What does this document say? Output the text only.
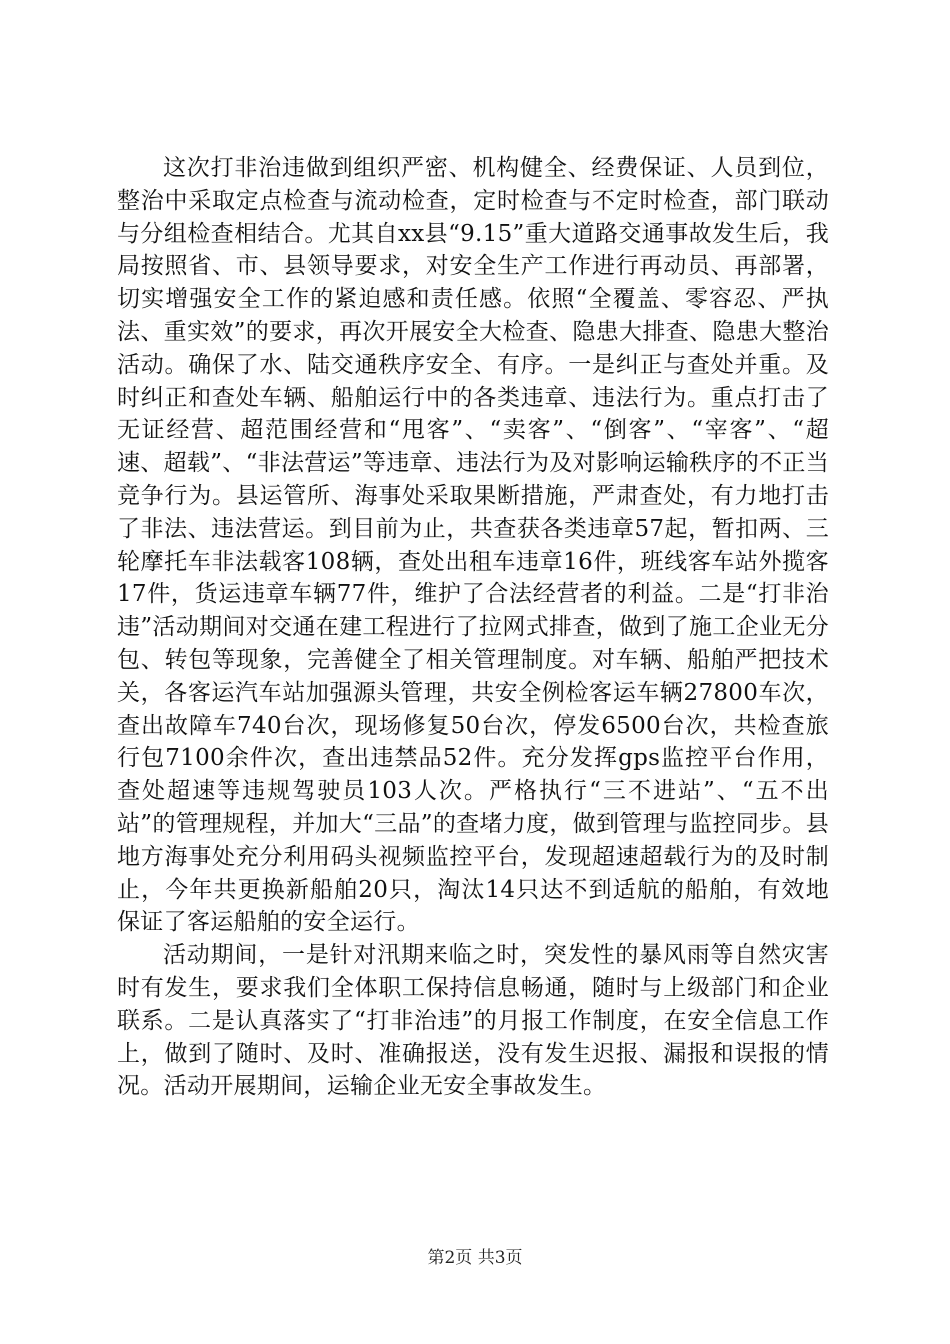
这次打非治违做到组织严密、机构健全、经费保证、人员到位，整治中采取定点检查与流动检查，定时检查与不定时检查，部门联动与分组检查相结合。尤其自xx县“9.15”重大道路交通事故发生后，我局按照省、市、县领导要求，对安全生产工作进行再动员、再部署，切实增强安全工作的紧迫感和责任感。依照“全覆盖、零容忍、严执法、重实效”的要求，再次开展安全大检查、隐患大排查、隐患大整治活动。确保了水、陆交通秩序安全、有序。一是纠正与查处并重。及时纠正和查处车辆、船舶运行中的各类违章、违法行为。重点打击了无证经营、超范围经营和“甩客”、“卖客”、“倒客”、“宰客”、“超速、超载”、“非法营运”等违章、违法行为及对影响运输秩序的不正当竞争行为。县运管所、海事处采取果断措施，严肃查处，有力地打击了非法、违法营运。到目前为止，共查获各类违章57起，暂扣两、三轮摩托车非法载客108辆，查处出租车违章16件，班线客车站外揽客17件，货运违章车辆77件，维护了合法经营者的利益。二是“打非治违”活动期间对交通在建工程进行了拉网式排查，做到了施工企业无分包、转包等现象，完善健全了相关管理制度。对车辆、船舶严把技术关，各客运汽车站加强源头管理，共安全例检客运车辆27800车次，查出故障车740台次，现场修复50台次，停发6500台次，共检查旅行包7100余件次，查出违禁品52件。充分发挥gps监控平台作用，查处超速等违规驾驶员103人次。严格执行“三不进站”、“五不出站”的管理规程，并加大“三品”的查堵力度，做到管理与监控同步。县地方海事处充分利用码头视频监控平台，发现超速超载行为的及时制止，今年共更换新船舶20只，淘汰14只达不到适航的船舶，有效地保证了客运船舶的安全运行。

活动期间，一是针对汛期来临之时，突发性的暴风雨等自然灾害时有发生，要求我们全体职工保持信息畅通，随时与上级部门和企业联系。二是认真落实了“打非治违”的月报工作制度，在安全信息工作上，做到了随时、及时、准确报送，没有发生迟报、漏报和误报的情况。活动开展期间，运输企业无安全事故发生。

第2页 共3页
